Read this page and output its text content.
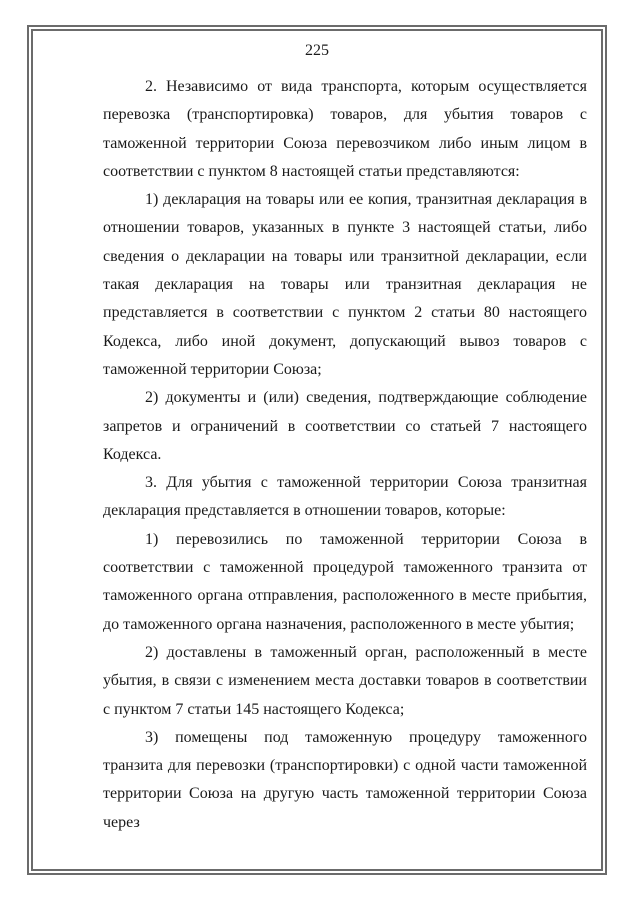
225

2. Независимо от вида транспорта, которым осуществляется перевозка (транспортировка) товаров, для убытия товаров с таможенной территории Союза перевозчиком либо иным лицом в соответствии с пунктом 8 настоящей статьи представляются:

1) декларация на товары или ее копия, транзитная декларация в отношении товаров, указанных в пункте 3 настоящей статьи, либо сведения о декларации на товары или транзитной декларации, если такая декларация на товары или транзитная декларация не представляется в соответствии с пунктом 2 статьи 80 настоящего Кодекса, либо иной документ, допускающий вывоз товаров с таможенной территории Союза;

2) документы и (или) сведения, подтверждающие соблюдение запретов и ограничений в соответствии со статьей 7 настоящего Кодекса.

3. Для убытия с таможенной территории Союза транзитная декларация представляется в отношении товаров, которые:

1) перевозились по таможенной территории Союза в соответствии с таможенной процедурой таможенного транзита от таможенного органа отправления, расположенного в месте прибытия, до таможенного органа назначения, расположенного в месте убытия;

2) доставлены в таможенный орган, расположенный в месте убытия, в связи с изменением места доставки товаров в соответствии с пунктом 7 статьи 145 настоящего Кодекса;

3) помещены под таможенную процедуру таможенного транзита для перевозки (транспортировки) с одной части таможенной территории Союза на другую часть таможенной территории Союза через
